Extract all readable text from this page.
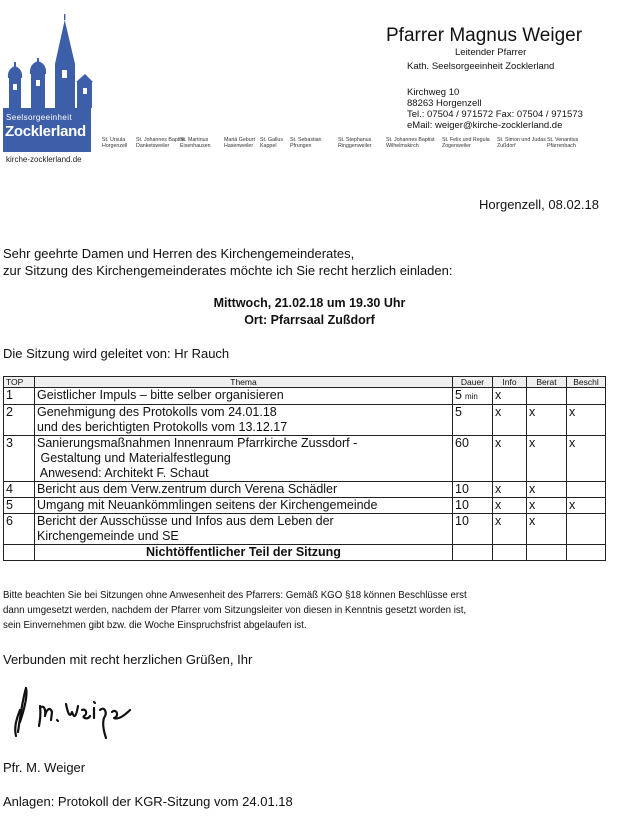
Seelsorgeeinheit
Zocklerland
kirche-zocklerland.de
Pfarrer Magnus Weiger
Leitender Pfarrer
Kath. Seelsorgeeinheit Zocklerland
Kirchweg 10
88263 Horgenzell
Tel.: 07504 / 971572 Fax: 07504 / 971573
eMail: weiger@kirche-zocklerland.de
St. Ursula
Horgenzell
St. Johannes Baptist
Danketsweiler
St. Martinus
Eisenhausen
Mariä Geburt
Hasenweiler
St. Gallus
Kappel
St. Sebastian
Pfrungen
St. Stephanus
Ringgenweiler
St. Johannes Baptist
Wilhelmskirch
St. Felix und Regula
Zogenweiler
St. Simon und Judas
Zußdorf
St. Venantius
Pfärrenbach
Horgenzell, 08.02.18
Sehr geehrte Damen und Herren des Kirchengemeinderates,
zur Sitzung des Kirchengemeinderates möchte ich Sie recht herzlich einladen:
Mittwoch, 21.02.18 um 19.30 Uhr
Ort: Pfarrsaal Zußdorf
Die Sitzung wird geleitet von: Hr Rauch
TOP	Thema	Dauer	Info	Berat	Beschl
1	Geistlicher Impuls – bitte selber organisieren	5 min	x		
2	Genehmigung des Protokolls vom 24.01.18
und des berichtigten Protokolls vom 13.12.17	5	x	x	x
3	Sanierungsmaßnahmen Innenraum Pfarrkirche Zussdorf -
Gestaltung und Materialfestlegung
Anwesend: Architekt F. Schaut	60	x	x	x
4	Bericht aus dem Verw.zentrum durch Verena Schädler	10	x	x	
5	Umgang mit Neuankömmlingen seitens der Kirchengemeinde	10	x	x	x
6	Bericht der Ausschüsse und Infos aus dem Leben der
Kirchengemeinde und SE	10	x	x	
	Nichtöffentlicher Teil der Sitzung				
Bitte beachten Sie bei Sitzungen ohne Anwesenheit des Pfarrers: Gemäß KGO §18 können Beschlüsse erst
dann umgesetzt werden, nachdem der Pfarrer vom Sitzungsleiter von diesen in Kenntnis gesetzt worden ist,
sein Einvernehmen gibt bzw. die Woche Einspruchsfrist abgelaufen ist.
Verbunden mit recht herzlichen Grüßen, Ihr
Pfr. M. Weiger
Anlagen: Protokoll der KGR-Sitzung vom 24.01.18
